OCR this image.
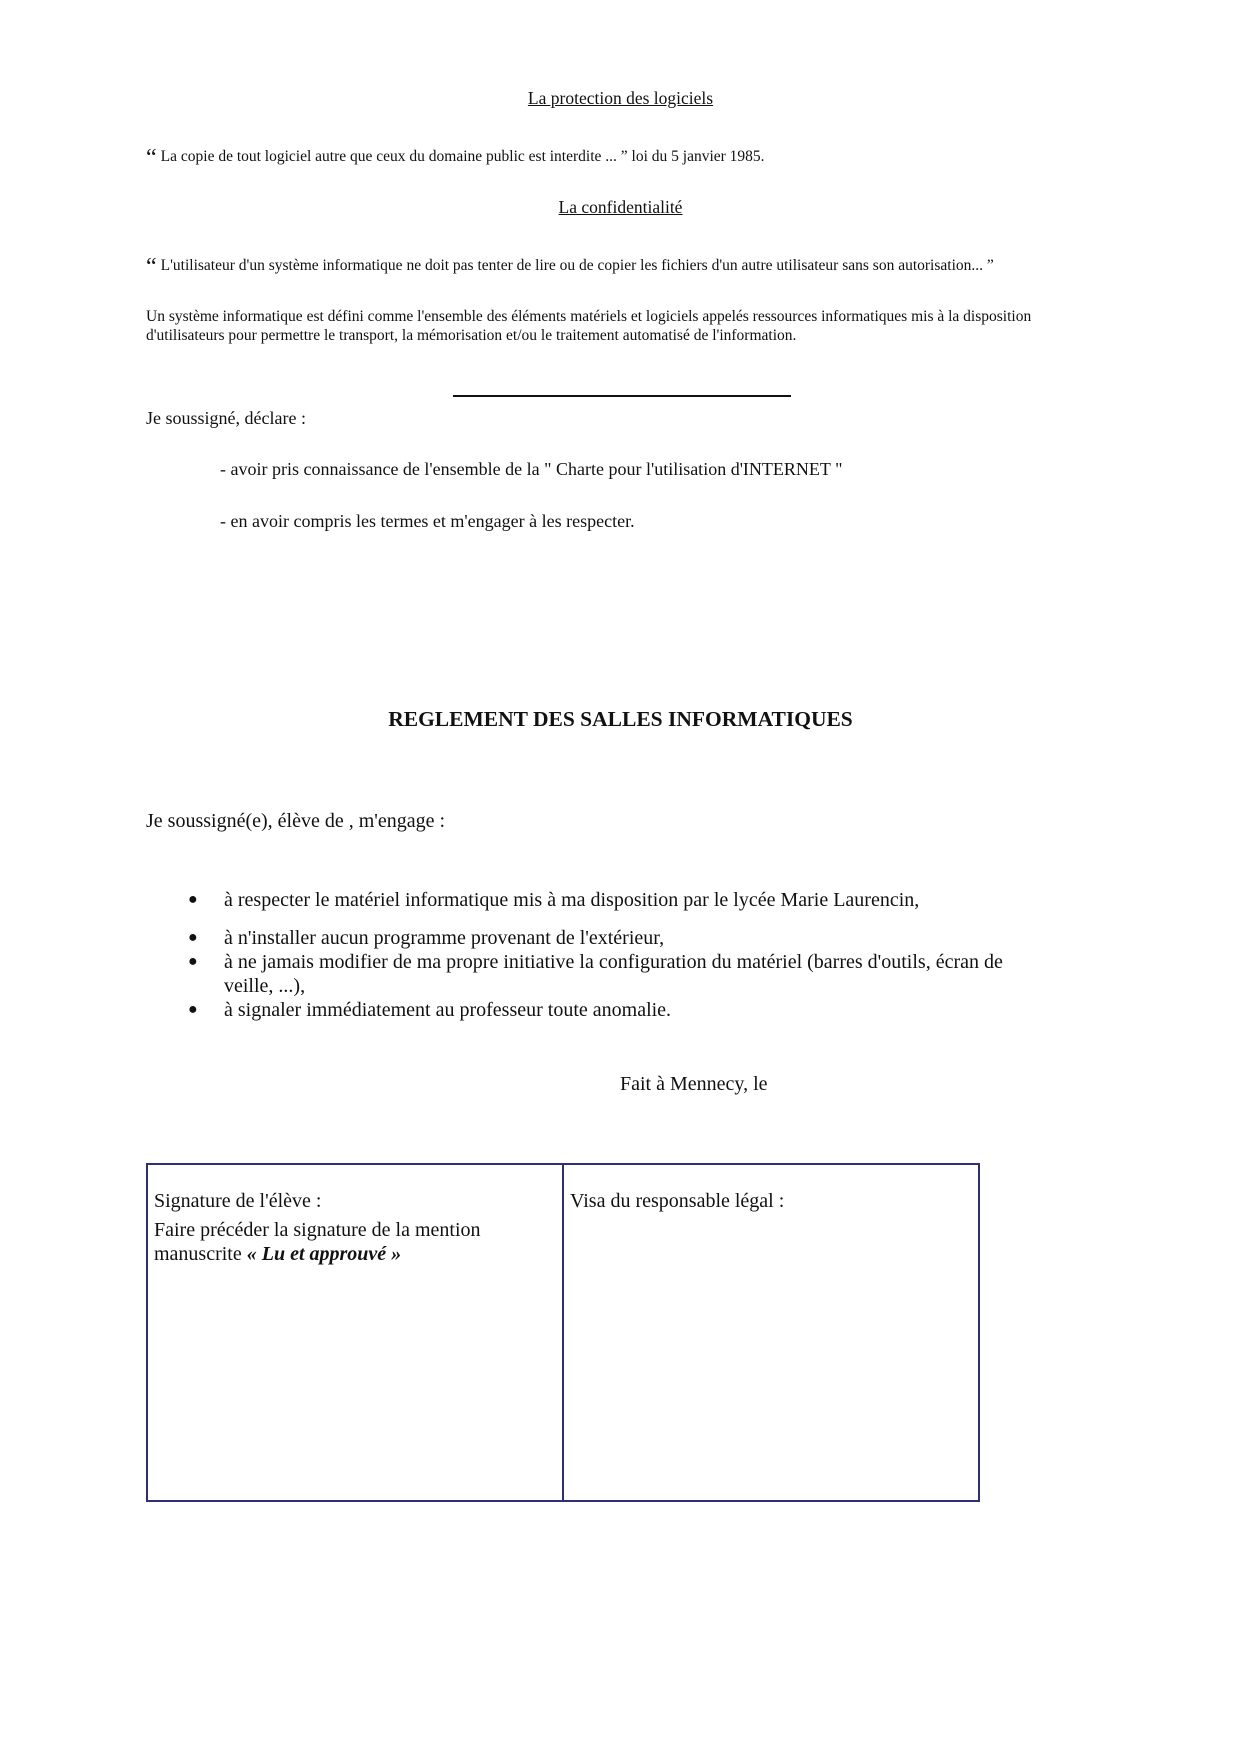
La protection des logiciels

“ La copie de tout logiciel autre que ceux du domaine public est interdite ... ” loi du 5 janvier 1985.

La confidentialité

“ L'utilisateur d'un système informatique ne doit pas tenter de lire ou de copier les fichiers d'un autre utilisateur sans son autorisation... ”

Un système informatique est défini comme l'ensemble des éléments matériels et logiciels appelés ressources informatiques mis à la disposition
d'utilisateurs pour permettre le transport, la mémorisation et/ou le traitement automatisé de l'information.

Je soussigné, déclare :

- avoir pris connaissance de l'ensemble de la " Charte pour l'utilisation d'INTERNET "

- en avoir compris les termes et m'engager à les respecter.

REGLEMENT DES SALLES INFORMATIQUES

Je soussigné(e), élève de , m'engage :

● à respecter le matériel informatique mis à ma disposition par le lycée Marie Laurencin,
● à n'installer aucun programme provenant de l'extérieur,
● à ne jamais modifier de ma propre initiative la configuration du matériel (barres d'outils, écran de veille, ...),
● à signaler immédiatement au professeur toute anomalie.

Fait à Mennecy, le

Signature de l'élève :
Faire précéder la signature de la mention manuscrite « Lu et approuvé »
Visa du responsable légal :
